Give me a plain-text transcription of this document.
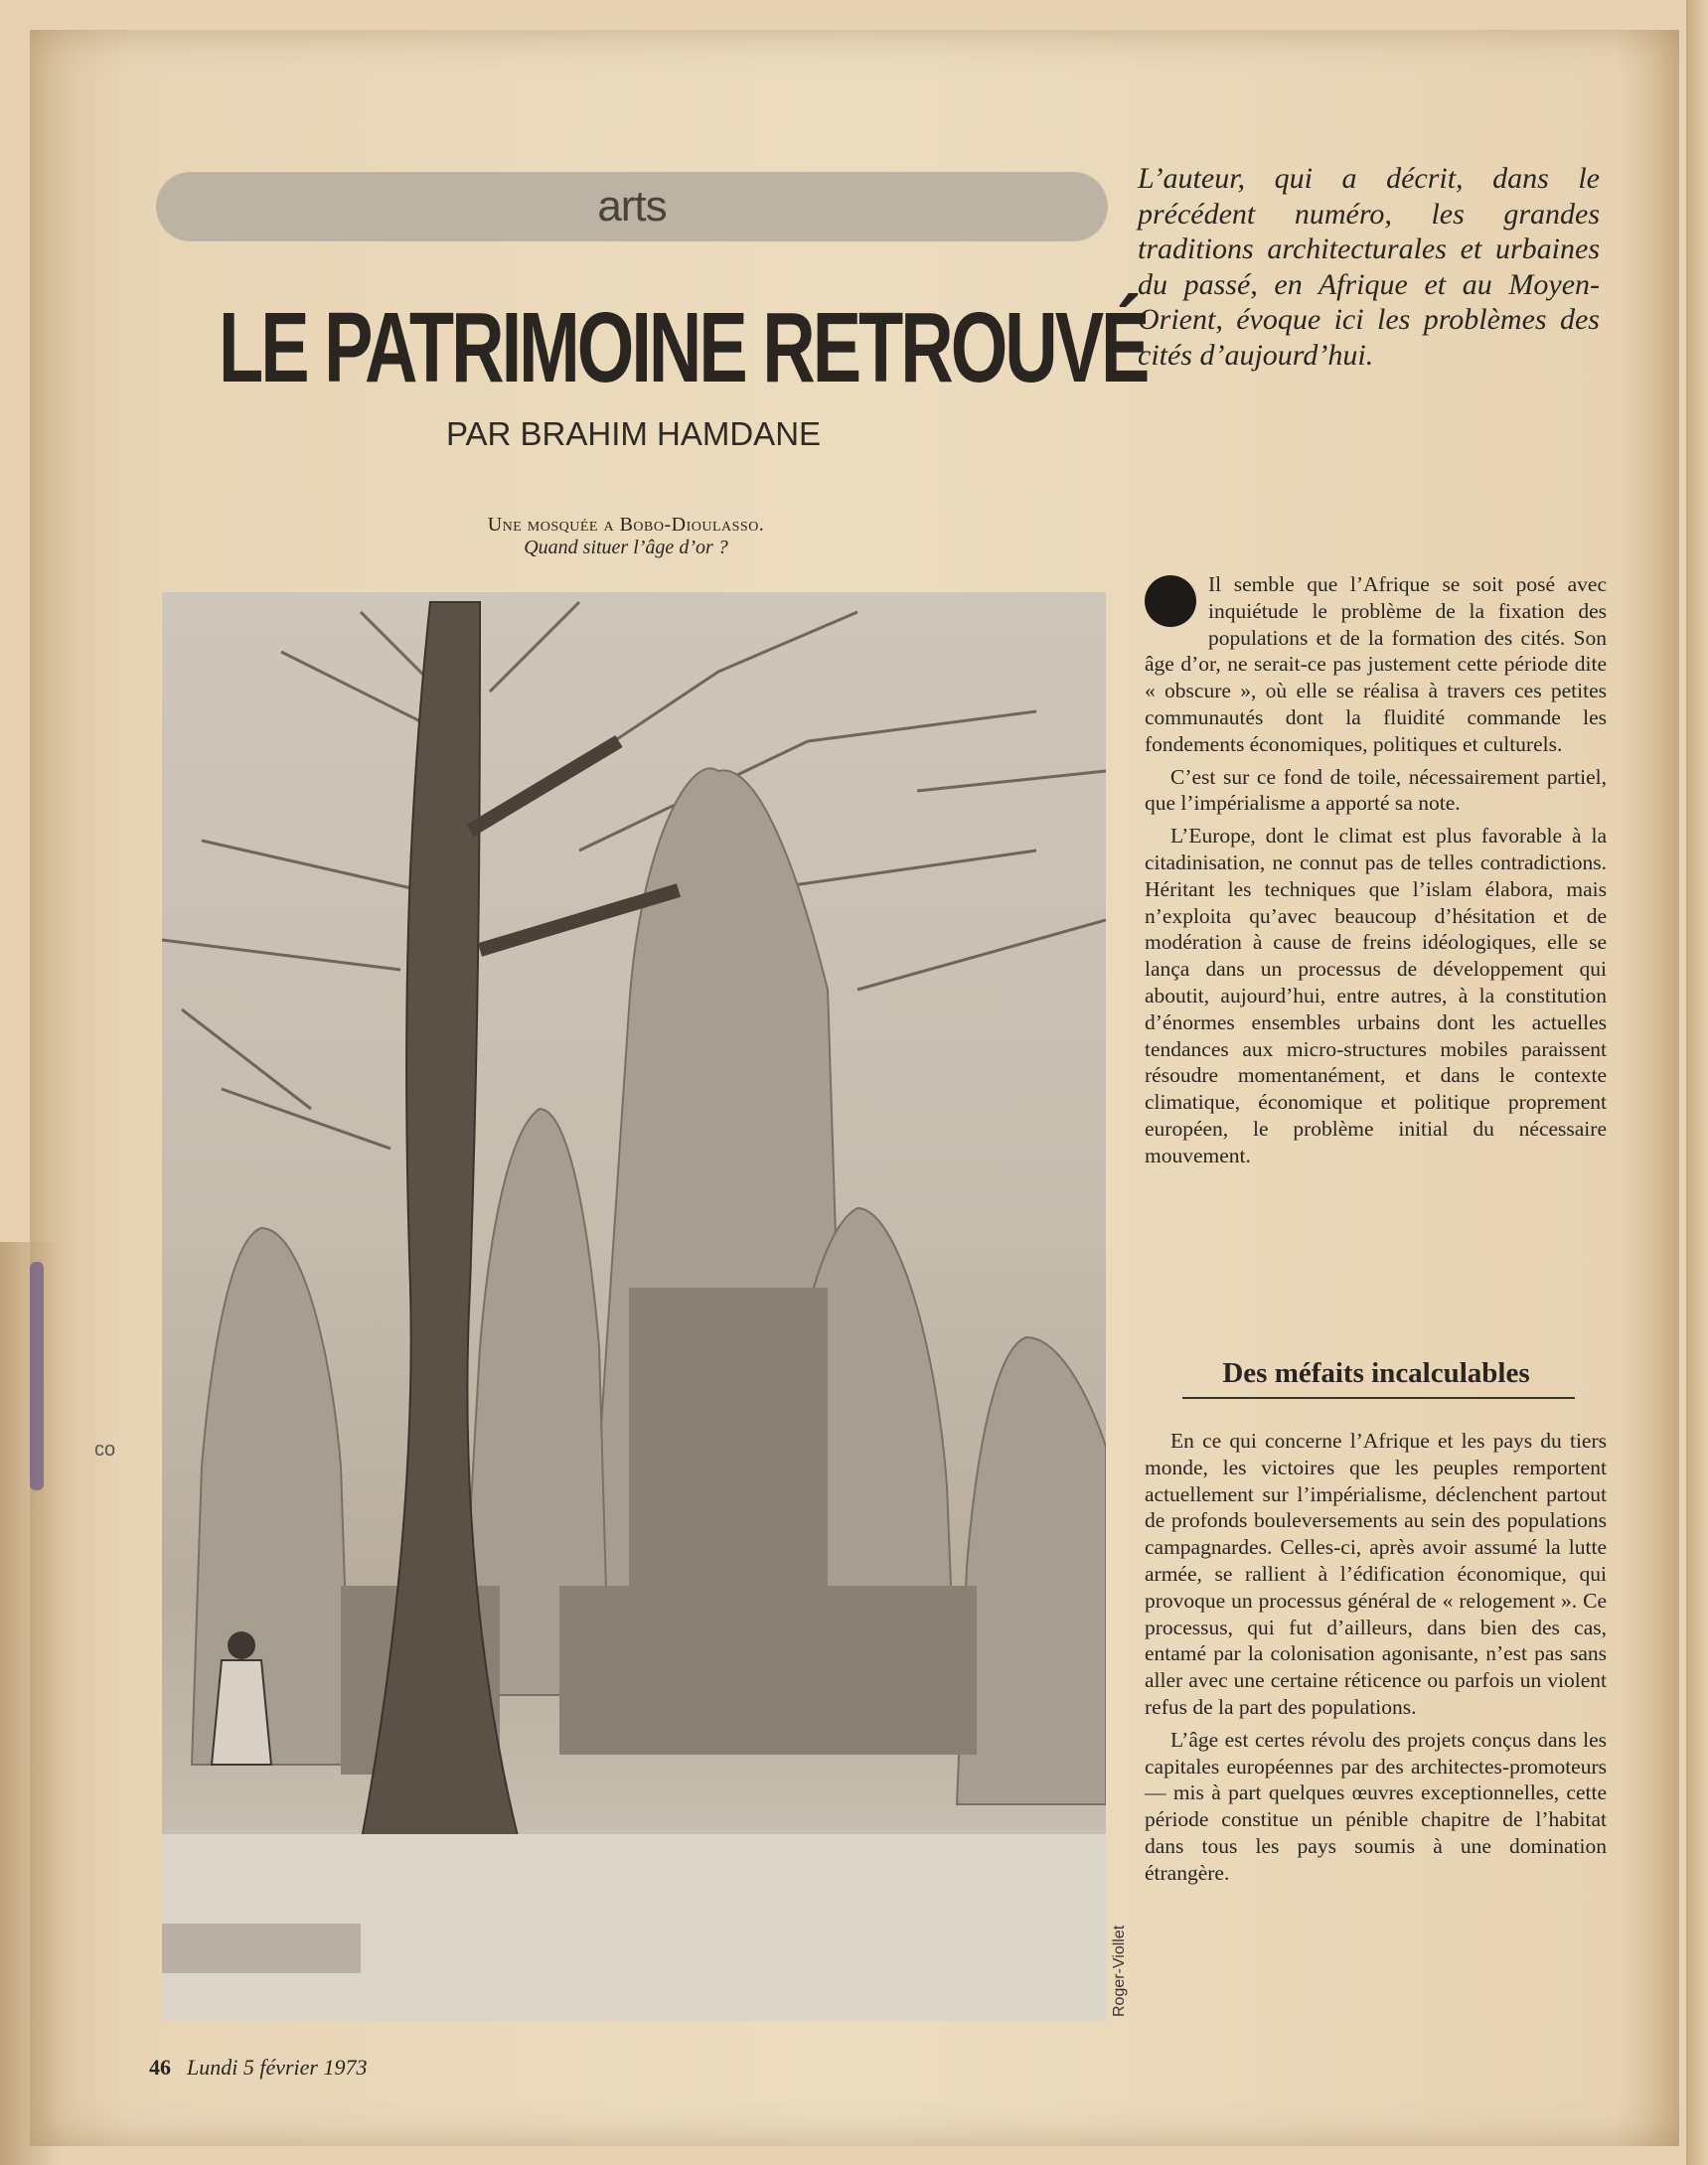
co
arts
LE PATRIMOINE RETROUVÉ
PAR BRAHIM HAMDANE
Une mosquée a Bobo-Dioulasso.
Quand situer l’âge d’or ?
L’auteur, qui a décrit, dans le précédent numéro, les grandes traditions architecturales et urbaines du passé, en Afrique et au Moyen-Orient, évoque ici les problèmes des cités d’aujourd’hui.

Il semble que l’Afrique se soit posé avec inquiétude le problème de la fixation des populations et de la formation des cités. Son âge d’or, ne serait-ce pas justement cette période dite « obscure », où elle se réalisa à travers ces petites communautés dont la fluidité commande les fondements économiques, politiques et culturels.

C’est sur ce fond de toile, nécessairement partiel, que l’impérialisme a apporté sa note.

L’Europe, dont le climat est plus favorable à la citadinisation, ne connut pas de telles contradictions. Héritant les techniques que l’islam élabora, mais n’exploita qu’avec beaucoup d’hésitation et de modération à cause de freins idéologiques, elle se lança dans un processus de développement qui aboutit, aujourd’hui, entre autres, à la constitution d’énormes ensembles urbains dont les actuelles tendances aux micro-structures mobiles paraissent résoudre momentanément, et dans le contexte climatique, économique et politique proprement européen, le problème initial du nécessaire mouvement.

Des méfaits incalculables

En ce qui concerne l’Afrique et les pays du tiers monde, les victoires que les peuples remportent actuellement sur l’impérialisme, déclenchent partout de profonds bouleversements au sein des populations campagnardes. Celles-ci, après avoir assumé la lutte armée, se rallient à l’édification économique, qui provoque un processus général de « relogement ». Ce processus, qui fut d’ailleurs, dans bien des cas, entamé par la colonisation agonisante, n’est pas sans aller avec une certaine réticence ou parfois un violent refus de la part des populations.

L’âge est certes révolu des projets conçus dans les capitales européennes par des architectes-promoteurs — mis à part quelques œuvres exceptionnelles, cette période constitue un pénible chapitre de l’habitat dans tous les pays soumis à une domination étrangère.

46 Lundi 5 février 1973
